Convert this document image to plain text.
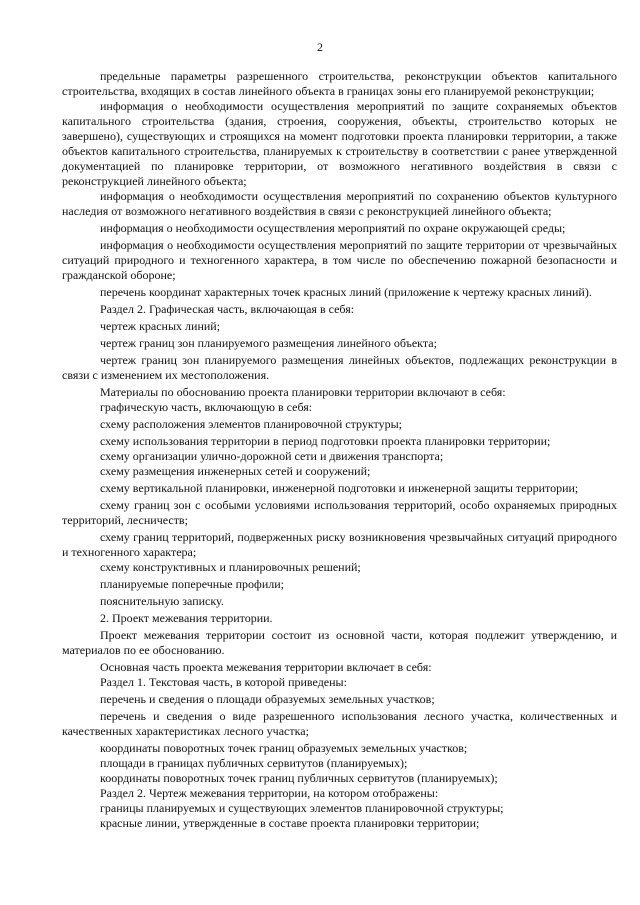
2

предельные параметры разрешенного строительства, реконструкции объектов капитального строительства, входящих в состав линейного объекта в границах зоны его планируемой реконструкции;

информация о необходимости осуществления мероприятий по защите сохраняемых объектов капитального строительства (здания, строения, сооружения, объекты, строительство которых не завершено), существующих и строящихся на момент подготовки проекта планировки территории, а также объектов капитального строительства, планируемых к строительству в соответствии с ранее утвержденной документацией по планировке территории, от возможного негативного воздействия в связи с реконструкцией линейного объекта;

информация о необходимости осуществления мероприятий по сохранению объектов культурного наследия от возможного негативного воздействия в связи с реконструкцией линейного объекта;

информация о необходимости осуществления мероприятий по охране окружающей среды;

информация о необходимости осуществления мероприятий по защите территории от чрезвычайных ситуаций природного и техногенного характера, в том числе по обеспечению пожарной безопасности и гражданской обороне;

перечень координат характерных точек красных линий (приложение к чертежу красных линий).

Раздел 2. Графическая часть, включающая в себя:

чертеж красных линий;

чертеж границ зон планируемого размещения линейного объекта;

чертеж границ зон планируемого размещения линейных объектов, подлежащих реконструкции в связи с изменением их местоположения.

Материалы по обоснованию проекта планировки территории включают в себя:

графическую часть, включающую в себя:

схему расположения элементов планировочной структуры;

схему использования территории в период подготовки проекта планировки территории;

схему организации улично-дорожной сети и движения транспорта;

схему размещения инженерных сетей и сооружений;

схему вертикальной планировки, инженерной подготовки и инженерной защиты территории;

схему границ зон с особыми условиями использования территорий, особо охраняемых природных территорий, лесничеств;

схему границ территорий, подверженных риску возникновения чрезвычайных ситуаций природного и техногенного характера;

схему конструктивных и планировочных решений;

планируемые поперечные профили;

пояснительную записку.

2. Проект межевания территории.

Проект межевания территории состоит из основной части, которая подлежит утверждению, и материалов по ее обоснованию.

Основная часть проекта межевания территории включает в себя:

Раздел 1. Текстовая часть, в которой приведены:

перечень и сведения о площади образуемых земельных участков;

перечень и сведения о виде разрешенного использования лесного участка, количественных и качественных характеристиках лесного участка;

координаты поворотных точек границ образуемых земельных участков;

площади в границах публичных сервитутов (планируемых);

координаты поворотных точек границ публичных сервитутов (планируемых);

Раздел 2. Чертеж межевания территории, на котором отображены:

границы планируемых и существующих элементов планировочной структуры;

красные линии, утвержденные в составе проекта планировки территории;
